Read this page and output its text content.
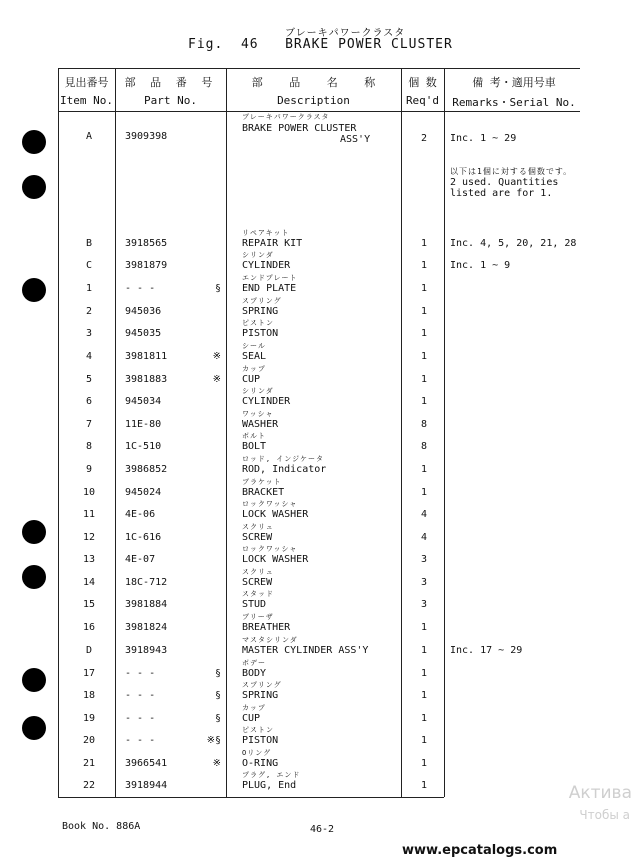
ブレーキパワークラスタ
Fig. 46 BRAKE POWER CLUSTER
見出番号
Item No.
部 品 番 号
Part No.
部    品    名    称
Description
個 数
Req'd
備 考・適用号車
Remarks・Serial No.
A	3909398
ブレーキパワークラスタ
BRAKE POWER CLUSTER
ASS'Y	2	Inc. 1 ~ 29
B	3918565
リペアキット
REPAIR KIT	1	Inc. 4, 5, 20, 21, 28
C	3981879
シリンダ
CYLINDER	1	Inc. 1 ~ 9
1	- - -	§
エンドプレート
END PLATE	1
2	945036
スプリング
SPRING	1
3	945035
ピストン
PISTON	1
4	3981811	※
シール
SEAL	1
5	3981883	※
カップ
CUP	1
6	945034
シリンダ
CYLINDER	1
7	11E-80
ワッシャ
WASHER	8
8	1C-510
ボルト
BOLT	8
9	3986852
ロッド, インジケータ
ROD, Indicator	1
10	945024
ブラケット
BRACKET	1
11	4E-06
ロックワッシャ
LOCK WASHER	4
12	1C-616
スクリュ
SCREW	4
13	4E-07
ロックワッシャ
LOCK WASHER	3
14	18C-712
スクリュ
SCREW	3
15	3981884
スタッド
STUD	3
16	3981824
ブリーザ
BREATHER	1
D	3918943
マスタシリンダ
MASTER CYLINDER ASS'Y	1	Inc. 17 ~ 29
17	- - -	§
ボデー
BODY	1
18	- - -	§
スプリング
SPRING	1
19	- - -	§
カップ
CUP	1
20	- - -	※§
ピストン
PISTON	1
21	3966541	※
Oリング
O-RING	1
22	3918944
プラグ, エンド
PLUG, End	1
以下は1個に対する個数です。
2 used. Quantities
listed are for 1.
Book No. 886A	46-2
Актива
Чтобы а
www.epcatalogs.com
